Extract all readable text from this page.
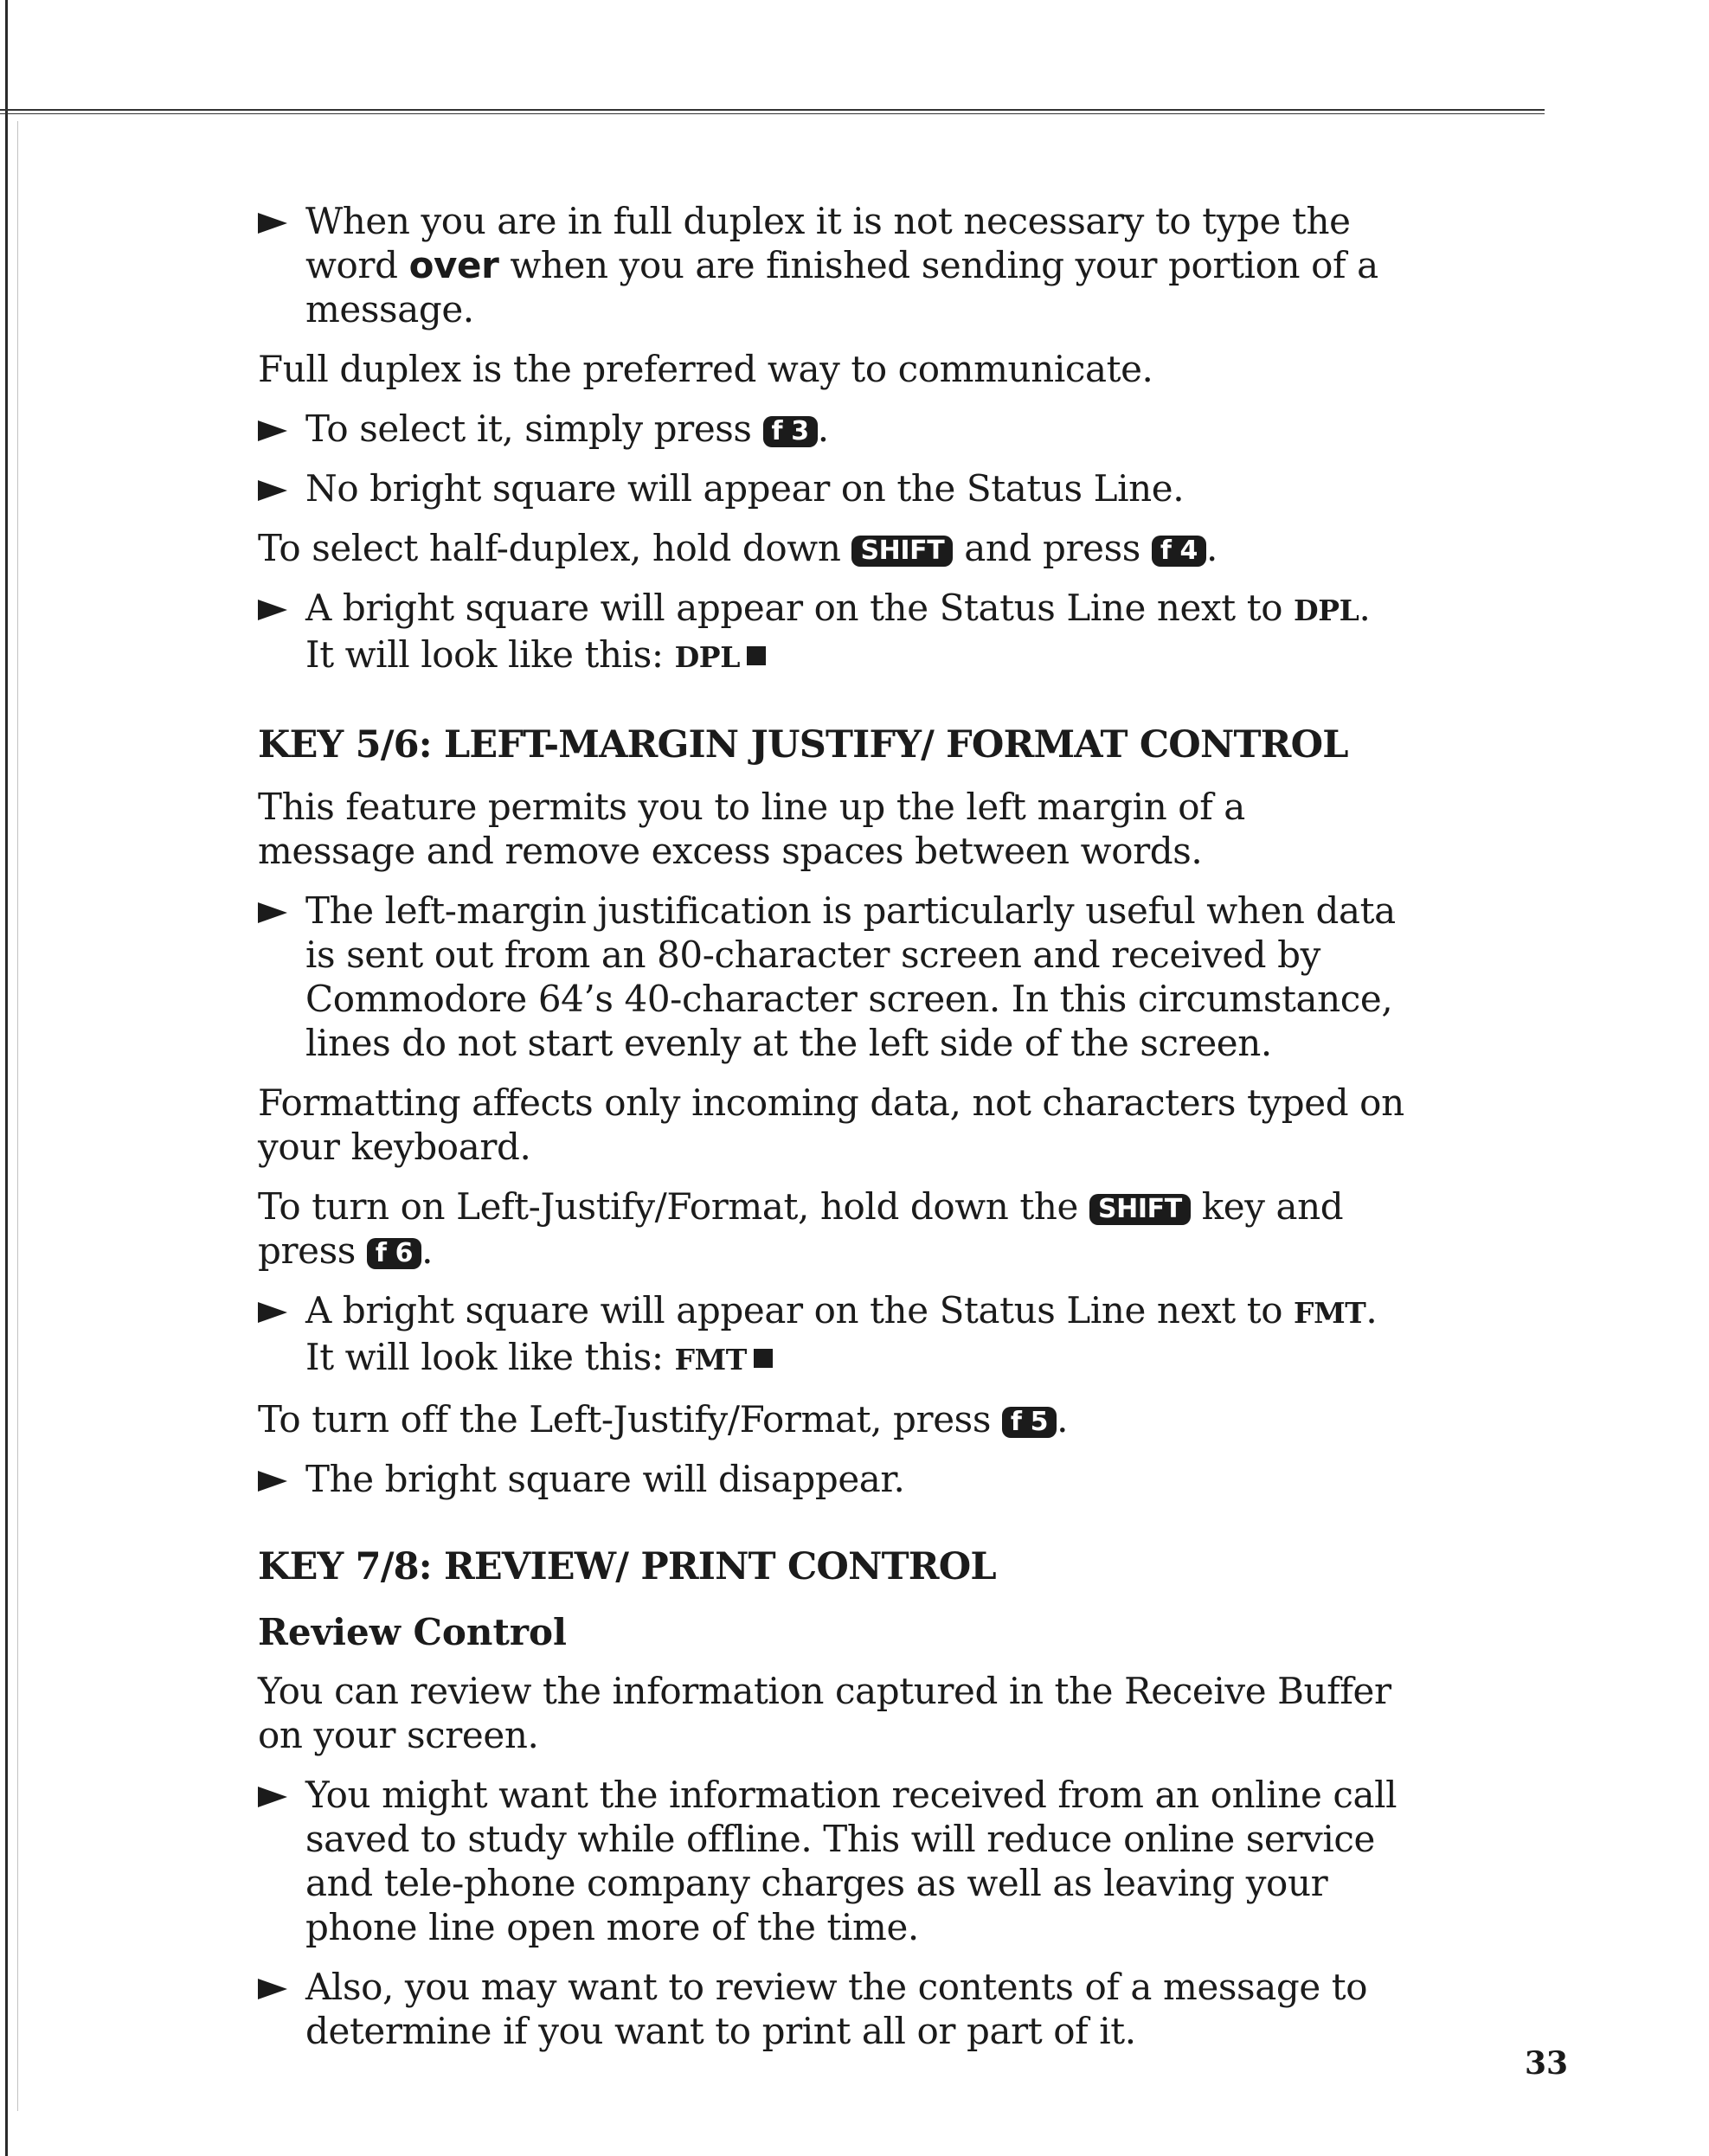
When you are in full duplex it is not necessary to type the word over when you are finished sending your portion of a message.

Full duplex is the preferred way to communicate.

To select it, simply press f 3 .

No bright square will appear on the Status Line.

To select half-duplex, hold down SHIFT and press f 4 .

A bright square will appear on the Status Line next to DPL. It will look like this: DPL

KEY 5/6: LEFT-MARGIN JUSTIFY/ FORMAT CONTROL

This feature permits you to line up the left margin of a message and remove excess spaces between words.

The left-margin justification is particularly useful when data is sent out from an 80-character screen and received by Commodore 64’s 40-character screen. In this circumstance, lines do not start evenly at the left side of the screen.

Formatting affects only incoming data, not characters typed on your keyboard.

To turn on Left-Justify/Format, hold down the SHIFT key and press f 6 .

A bright square will appear on the Status Line next to FMT. It will look like this: FMT

To turn off the Left-Justify/Format, press f 5 .

The bright square will disappear.

KEY 7/8: REVIEW/ PRINT CONTROL
Review Control

You can review the information captured in the Receive Buffer on your screen.

You might want the information received from an online call saved to study while offline. This will reduce online service and tele-phone company charges as well as leaving your phone line open more of the time.

Also, you may want to review the contents of a message to determine if you want to print all or part of it.

33
